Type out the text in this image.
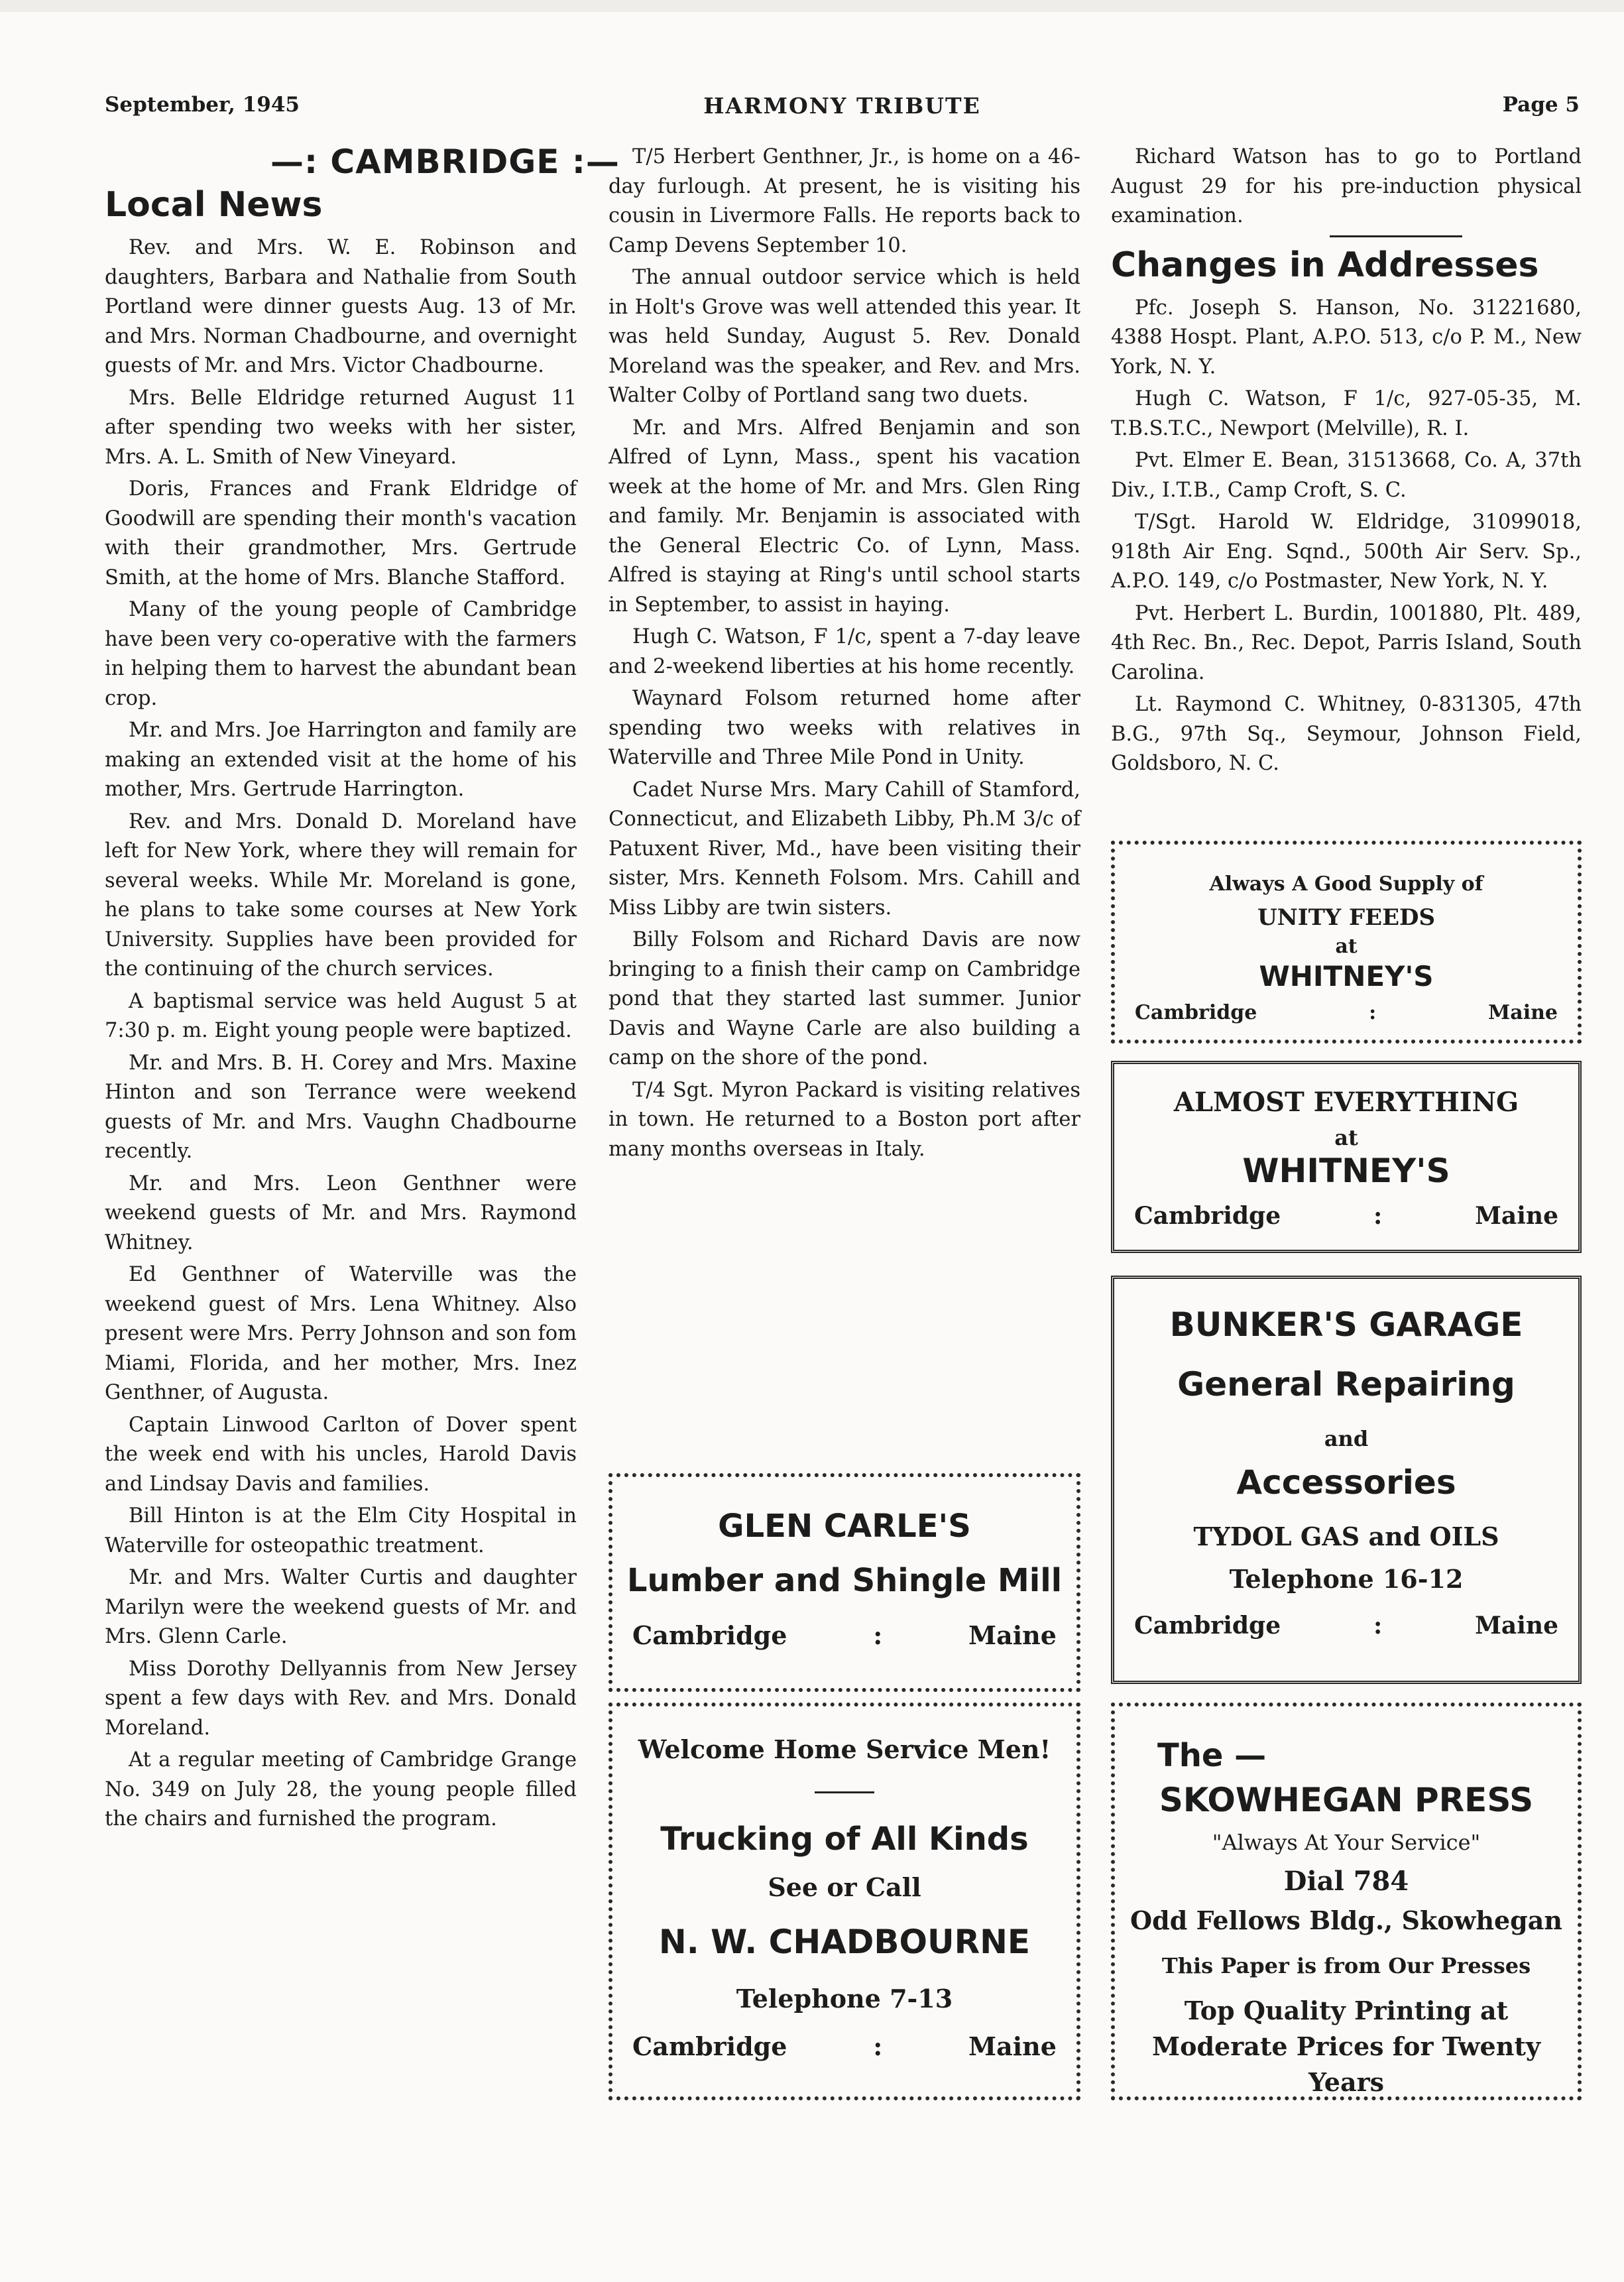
September, 1945	HARMONY TRIBUTE	Page 5
—: CAMBRIDGE :—
Local News

Rev. and Mrs. W. E. Robinson and daughters, Barbara and Nathalie from South Portland were dinner guests Aug. 13 of Mr. and Mrs. Norman Chadbourne, and overnight guests of Mr. and Mrs. Victor Chadbourne.

Mrs. Belle Eldridge returned August 11 after spending two weeks with her sister, Mrs. A. L. Smith of New Vineyard.

Doris, Frances and Frank Eldridge of Goodwill are spending their month's vacation with their grandmother, Mrs. Gertrude Smith, at the home of Mrs. Blanche Stafford.

Many of the young people of Cambridge have been very co-operative with the farmers in helping them to harvest the abundant bean crop.

Mr. and Mrs. Joe Harrington and family are making an extended visit at the home of his mother, Mrs. Gertrude Harrington.

Rev. and Mrs. Donald D. Moreland have left for New York, where they will remain for several weeks. While Mr. Moreland is gone, he plans to take some courses at New York University. Supplies have been provided for the continuing of the church services.

A baptismal service was held August 5 at 7:30 p. m. Eight young people were baptized.

Mr. and Mrs. B. H. Corey and Mrs. Maxine Hinton and son Terrance were weekend guests of Mr. and Mrs. Vaughn Chadbourne recently.

Mr. and Mrs. Leon Genthner were weekend guests of Mr. and Mrs. Raymond Whitney.

Ed Genthner of Waterville was the weekend guest of Mrs. Lena Whitney. Also present were Mrs. Perry Johnson and son fom Miami, Florida, and her mother, Mrs. Inez Genthner, of Augusta.

Captain Linwood Carlton of Dover spent the week end with his uncles, Harold Davis and Lindsay Davis and families.

Bill Hinton is at the Elm City Hospital in Waterville for osteopathic treatment.

Mr. and Mrs. Walter Curtis and daughter Marilyn were the weekend guests of Mr. and Mrs. Glenn Carle.

Miss Dorothy Dellyannis from New Jersey spent a few days with Rev. and Mrs. Donald Moreland.

At a regular meeting of Cambridge Grange No. 349 on July 28, the young people filled the chairs and furnished the program.

T/5 Herbert Genthner, Jr., is home on a 46-day furlough. At present, he is visiting his cousin in Livermore Falls. He reports back to Camp Devens September 10.

The annual outdoor service which is held in Holt's Grove was well attended this year. It was held Sunday, August 5. Rev. Donald Moreland was the speaker, and Rev. and Mrs. Walter Colby of Portland sang two duets.

Mr. and Mrs. Alfred Benjamin and son Alfred of Lynn, Mass., spent his vacation week at the home of Mr. and Mrs. Glen Ring and family. Mr. Benjamin is associated with the General Electric Co. of Lynn, Mass. Alfred is staying at Ring's until school starts in September, to assist in haying.

Hugh C. Watson, F 1/c, spent a 7-day leave and 2-weekend liberties at his home recently.

Waynard Folsom returned home after spending two weeks with relatives in Waterville and Three Mile Pond in Unity.

Cadet Nurse Mrs. Mary Cahill of Stamford, Connecticut, and Elizabeth Libby, Ph.M 3/c of Patuxent River, Md., have been visiting their sister, Mrs. Kenneth Folsom. Mrs. Cahill and Miss Libby are twin sisters.

Billy Folsom and Richard Davis are now bringing to a finish their camp on Cambridge pond that they started last summer. Junior Davis and Wayne Carle are also building a camp on the shore of the pond.

T/4 Sgt. Myron Packard is visiting relatives in town. He returned to a Boston port after many months overseas in Italy.

Richard Watson has to go to Portland August 29 for his pre-induction physical examination.

Changes in Addresses

Pfc. Joseph S. Hanson, No. 31221680, 4388 Hospt. Plant, A.P.O. 513, c/o P. M., New York, N. Y.

Hugh C. Watson, F 1/c, 927-05-35, M. T.B.S.T.C., Newport (Melville), R. I.

Pvt. Elmer E. Bean, 31513668, Co. A, 37th Div., I.T.B., Camp Croft, S. C.

T/Sgt. Harold W. Eldridge, 31099018, 918th Air Eng. Sqnd., 500th Air Serv. Sp., A.P.O. 149, c/o Postmaster, New York, N. Y.

Pvt. Herbert L. Burdin, 1001880, Plt. 489, 4th Rec. Bn., Rec. Depot, Parris Island, South Carolina.

Lt. Raymond C. Whitney, 0-831305, 47th B.G., 97th Sq., Seymour, Johnson Field, Goldsboro, N. C.

Always A Good Supply of
UNITY FEEDS
at
WHITNEY'S
Cambridge	:	Maine
ALMOST EVERYTHING
at
WHITNEY'S
Cambridge	:	Maine
BUNKER'S GARAGE
General Repairing
and
Accessories
TYDOL GAS and OILS
Telephone 16-12
Cambridge	:	Maine
GLEN CARLE'S
Lumber and Shingle Mill
Cambridge	:	Maine
Welcome Home Service Men!
Trucking of All Kinds
See or Call
N. W. CHADBOURNE
Telephone 7-13
Cambridge	:	Maine
The —
SKOWHEGAN PRESS
"Always At Your Service"
Dial 784
Odd Fellows Bldg., Skowhegan
This Paper is from Our Presses
Top Quality Printing at Moderate Prices for Twenty Years
